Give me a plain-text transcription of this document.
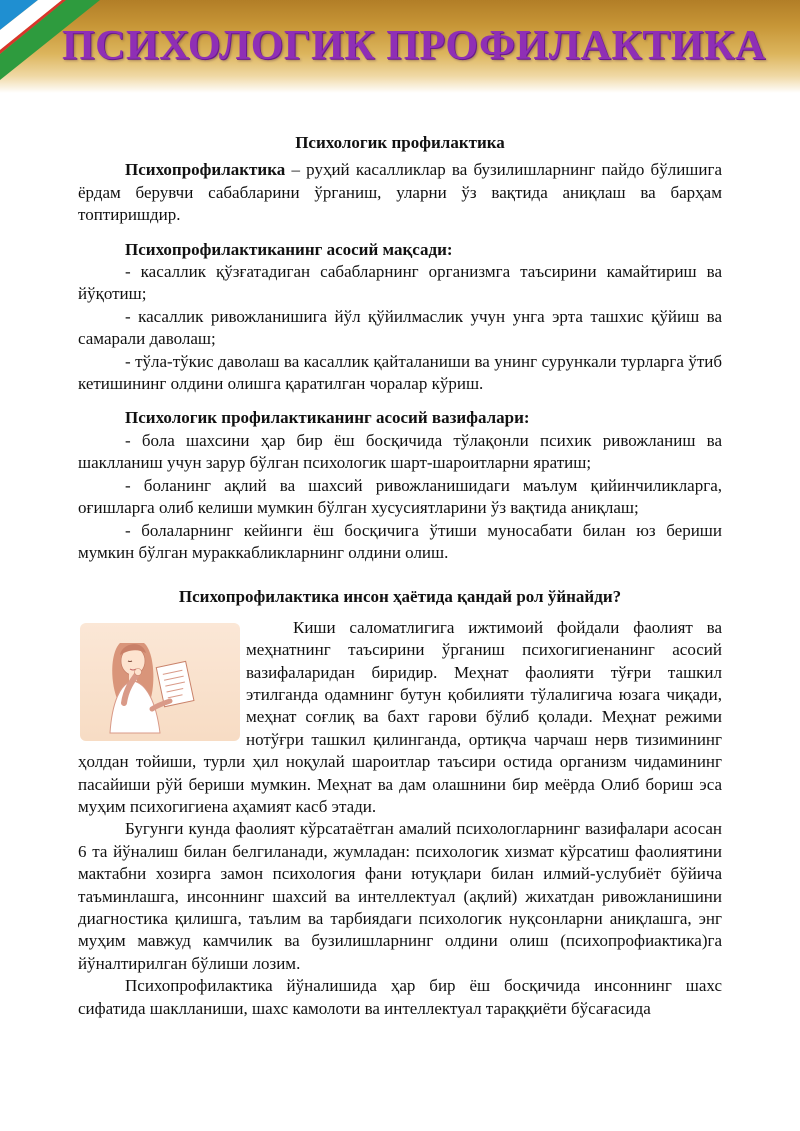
ПСИХОЛОГИК ПРОФИЛАКТИКА
Психологик профилактика

Психопрофилактика – руҳий касалликлар ва бузилишларнинг пайдо бўлишига ёрдам берувчи сабабларини ўрганиш, уларни ўз вақтида аниқлаш ва барҳам топтиришдир.

Психопрофилактиканинг асосий мақсади:

- касаллик қўзғатадиган сабабларнинг организмга таъсирини камайтириш ва йўқотиш;

- касаллик ривожланишига йўл қўйилмаслик учун унга эрта ташхис қўйиш ва самарали даволаш;

- тўла-тўкис даволаш ва касаллик қайталаниши ва унинг сурункали турларга ўтиб кетишининг олдини олишга қаратилган чоралар кўриш.

Психологик профилактиканинг асосий вазифалари:

- бола шахсини ҳар бир ёш босқичида тўлақонли психик ривожланиш ва шаклланиш учун зарур бўлган психологик шарт-шароитларни яратиш;

- боланинг ақлий ва шахсий ривожланишидаги маълум қийинчиликларга, оғишларга олиб келиши мумкин бўлган хусусиятларини ўз вақтида аниқлаш;

- болаларнинг кейинги ёш босқичига ўтиши муносабати билан юз бериши мумкин бўлган мураккабликларнинг олдини олиш.

Психопрофилактика инсон ҳаётида қандай рол ўйнайди?

Киши саломатлигига ижтимоий фойдали фаолият ва меҳнатнинг таъсирини ўрганиш психогигиенанинг асосий вазифаларидан биридир. Меҳнат фаолияти тўғри ташкил этилганда одамнинг бутун қобилияти тўлалигича юзага чиқади, меҳнат соғлиқ ва бахт гарови бўлиб қолади. Меҳнат режими нотўғри ташкил қилинганда, ортиқча чарчаш нерв тизимининг ҳолдан тойиши, турли ҳил ноқулай шароитлар таъсири остида организм чидамининг пасайиши рўй бериши мумкин. Меҳнат ва дам олашнини бир меёрда Олиб бориш эса муҳим психогигиена аҳамият касб этади.

Бугунги кунда фаолият кўрсатаётган амалий психологларнинг вазифалари асосан 6 та йўналиш билан белгиланади, жумладан: психологик хизмат кўрсатиш фаолиятини мактабни хозирга замон психология фани ютуқлари билан илмий-услубиёт бўйича таъминлашга, инсоннинг шахсий ва интеллектуал (ақлий) жихатдан ривожланишини диагностика қилишга, таълим ва тарбиядаги психологик нуқсонларни аниқлашга, энг муҳим мавжуд камчилик ва бузилишларнинг олдини олиш (психопрофиактика)га йўналтирилган бўлиши лозим.

Психопрофилактика йўналишида ҳар бир ёш босқичида инсоннинг шахс сифатида шаклланиши, шахс камолоти ва интеллектуал тараққиёти бўсағасида
